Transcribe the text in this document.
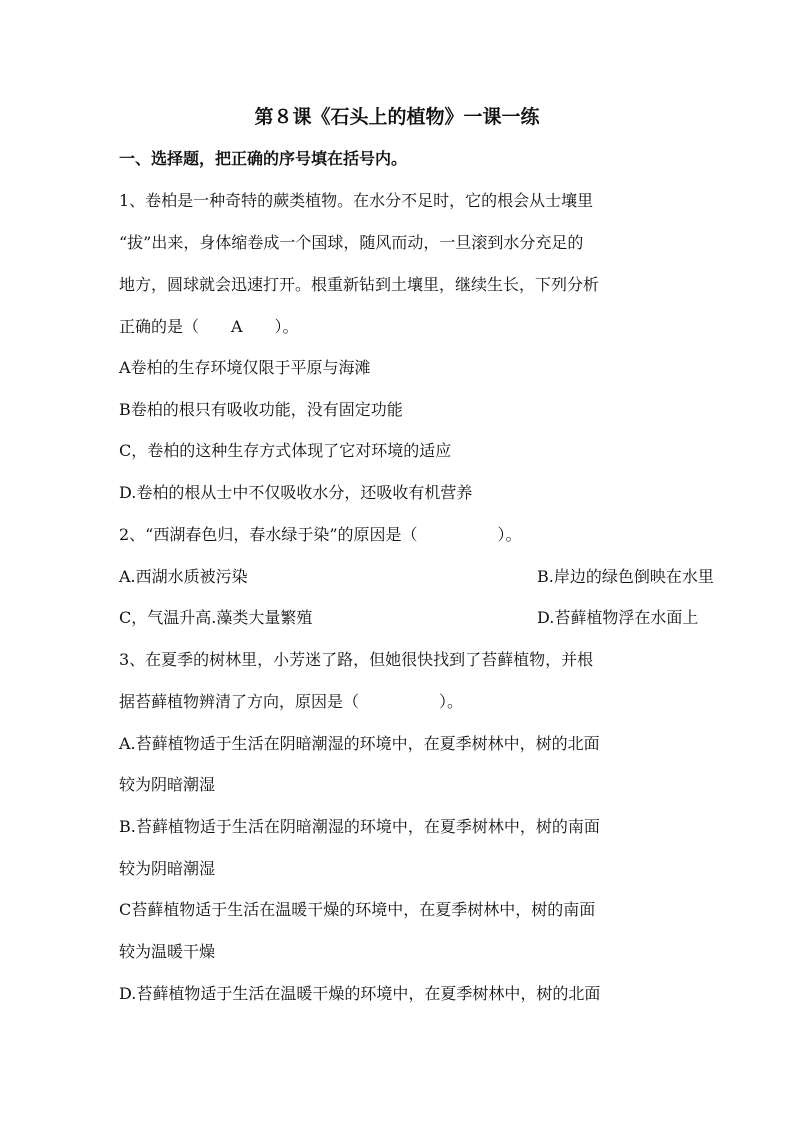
第８课《石头上的植物》一课一练
一、选择题，把正确的序号填在括号内。
1、卷柏是一种奇特的蕨类植物。在水分不足时，它的根会从士壤里
“拔”出来，身体缩卷成一个国球，随风而动，一旦滚到水分充足的
地方，圆球就会迅速打开。根重新钻到土壤里，继续生长，下列分析
正确的是（　　A　　）。
A卷柏的生存环境仅限于平原与海滩
B卷柏的根只有吸收功能，没有固定功能
C，卷柏的这种生存方式体现了它对环境的适应
D.卷柏的根从士中不仅吸收水分，还吸收有机营养
2、“西湖春色归，春水绿于染”的原因是（　　　　　）。
A.西湖水质被污染	B.岸边的绿色倒映在水里
C，气温升高.藻类大量繁殖	D.苔藓植物浮在水面上
3、在夏季的树林里，小芳迷了路，但她很快找到了苔藓植物，并根
据苔藓植物辨清了方向，原因是（　　　　　）。
A.苔藓植物适于生活在阴暗潮湿的环境中，在夏季树林中，树的北面
较为阴暗潮湿
B.苔藓植物适于生活在阴暗潮湿的环境中，在夏季树林中，树的南面
较为阴暗潮湿
C苔藓植物适于生活在温暖干燥的环境中，在夏季树林中，树的南面
较为温暖干燥
D.苔藓植物适于生活在温暖干燥的环境中，在夏季树林中，树的北面
